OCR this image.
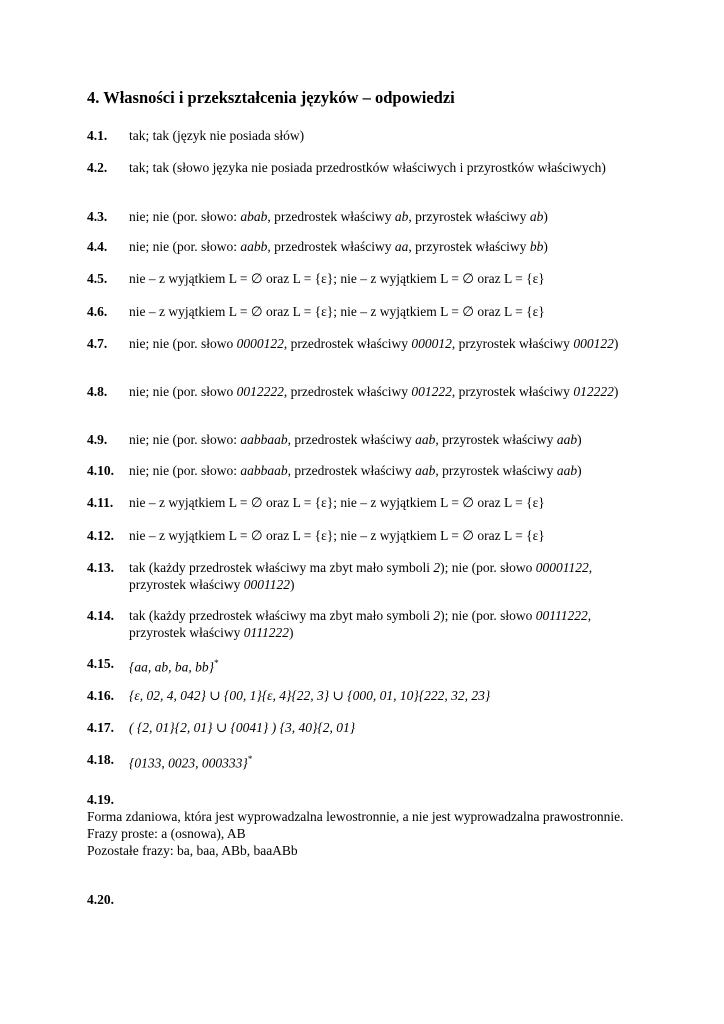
4. Własności i przekształcenia języków – odpowiedzi
4.1.	tak; tak (język nie posiada słów)
4.2.	tak; tak (słowo języka nie posiada przedrostków właściwych i przyrostków właściwych)
4.3.	nie; nie (por. słowo: abab, przedrostek właściwy ab, przyrostek właściwy ab)
4.4.	nie; nie (por. słowo: aabb, przedrostek właściwy aa, przyrostek właściwy bb)
4.5.	nie – z wyjątkiem L = ∅ oraz L = {ε}; nie – z wyjątkiem L = ∅ oraz L = {ε}
4.6.	nie – z wyjątkiem L = ∅ oraz L = {ε}; nie – z wyjątkiem L = ∅ oraz L = {ε}
4.7.	nie; nie (por. słowo 0000122, przedrostek właściwy 000012, przyrostek właściwy 000122)
4.8.	nie; nie (por. słowo 0012222, przedrostek właściwy 001222, przyrostek właściwy 012222)
4.9.	nie; nie (por. słowo: aabbaab, przedrostek właściwy aab, przyrostek właściwy aab)
4.10.	nie; nie (por. słowo: aabbaab, przedrostek właściwy aab, przyrostek właściwy aab)
4.11.	nie – z wyjątkiem L = ∅ oraz L = {ε}; nie – z wyjątkiem L = ∅ oraz L = {ε}
4.12.	nie – z wyjątkiem L = ∅ oraz L = {ε}; nie – z wyjątkiem L = ∅ oraz L = {ε}
4.13.	tak (każdy przedrostek właściwy ma zbyt mało symboli 2); nie (por. słowo 00001122, przyrostek właściwy 0001122)
4.14.	tak (każdy przedrostek właściwy ma zbyt mało symboli 2); nie (por. słowo 00111222, przyrostek właściwy 0111222)
4.15.	{aa, ab, ba, bb}*
4.16.	{ε, 02, 4, 042} ∪ {00, 1}{ε, 4}{22, 3} ∪ {000, 01, 10}{222, 32, 23}
4.17.	( {2, 01}{2, 01} ∪ {0041} ) {3, 40}{2, 01}
4.18.	{0133, 0023, 000333}*
4.19.
Forma zdaniowa, która jest wyprowadzalna lewostronnie, a nie jest wyprowadzalna prawostronnie.
Frazy proste: a (osnowa), AB
Pozostałe frazy: ba, baa, ABb, baaABb
4.20.
